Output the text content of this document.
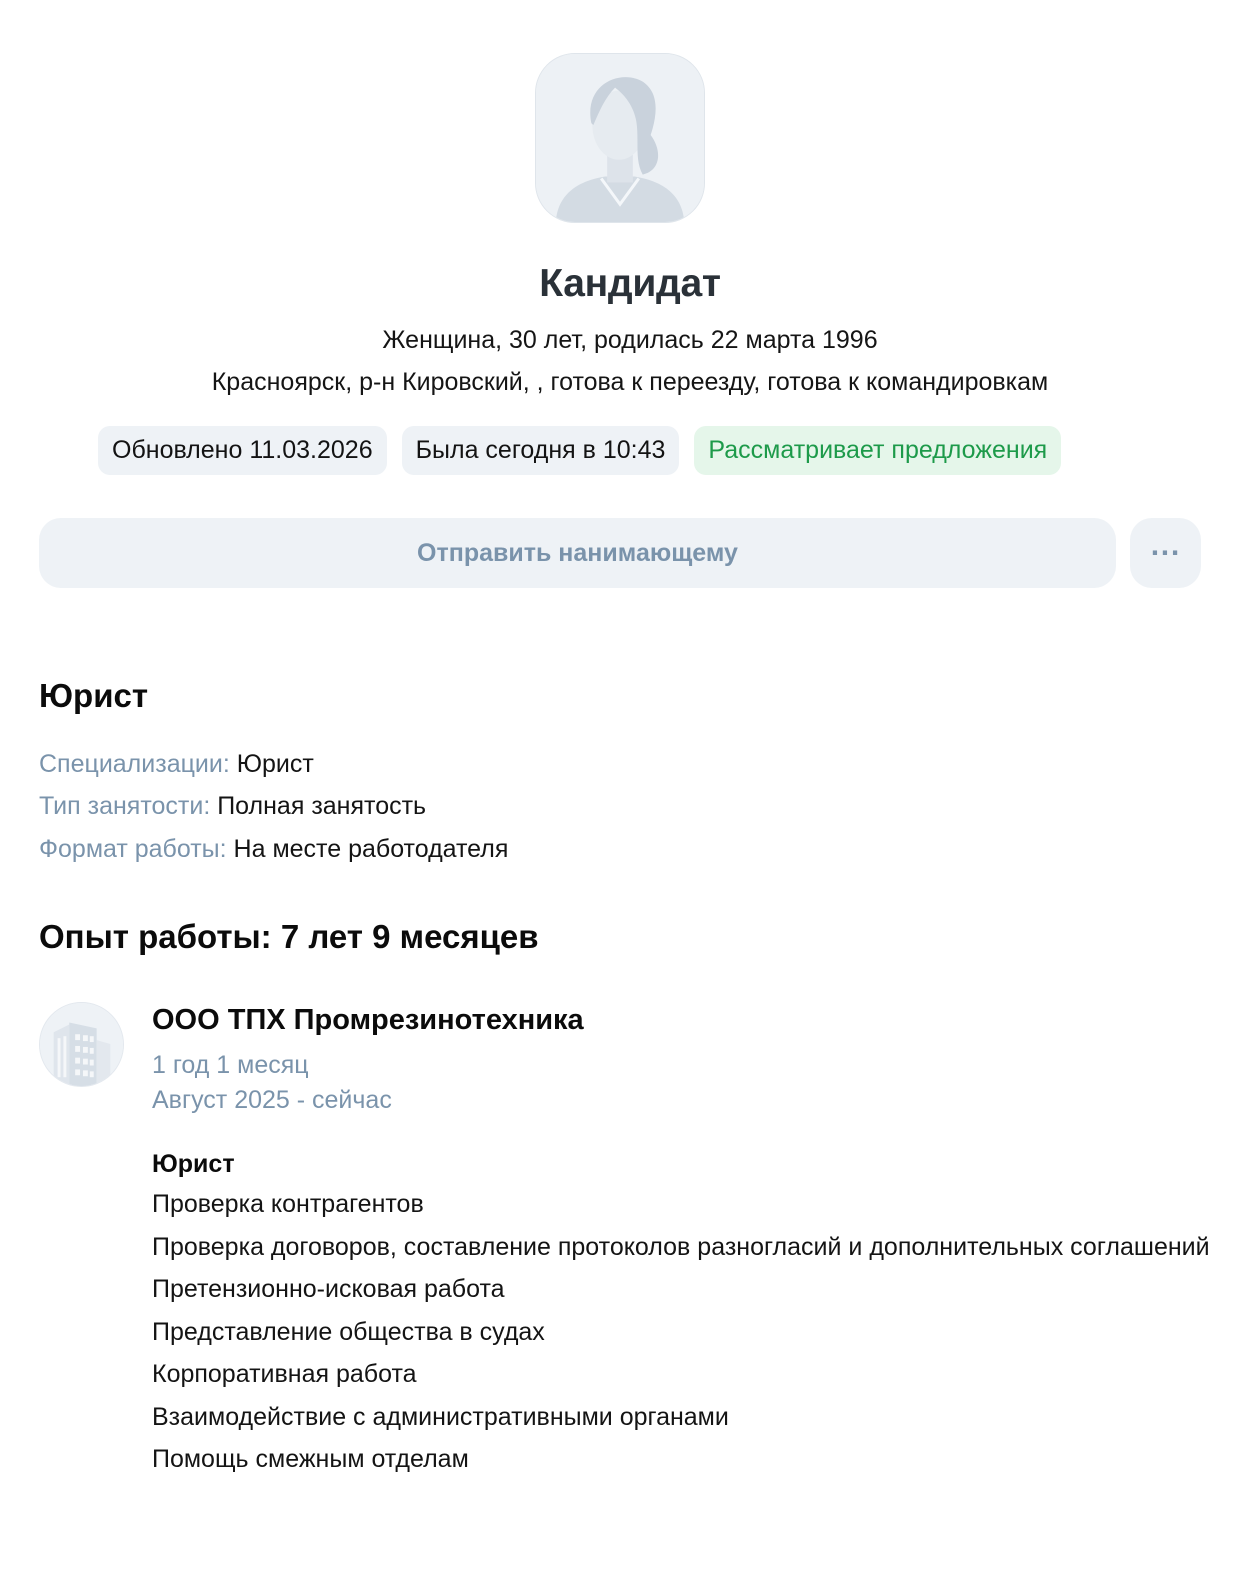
Кандидат
Женщина, 30 лет, родилась 22 марта 1996
Красноярск, р-н Кировский, , готова к переезду, готова к командировкам
Обновлено 11.03.2026	Была сегодня в 10:43	Рассматривает предложения
Отправить нанимающему	···
Юрист
Специализации: Юрист
Тип занятости: Полная занятость
Формат работы: На месте работодателя
Опыт работы: 7 лет 9 месяцев
ООО ТПХ Промрезинотехника
1 год 1 месяц
Август 2025 - сейчас
Юрист
Проверка контрагентов
Проверка договоров, составление протоколов разногласий и дополнительных соглашений
Претензионно-исковая работа
Представление общества в судах
Корпоративная работа
Взаимодействие с административными органами
Помощь смежным отделам
